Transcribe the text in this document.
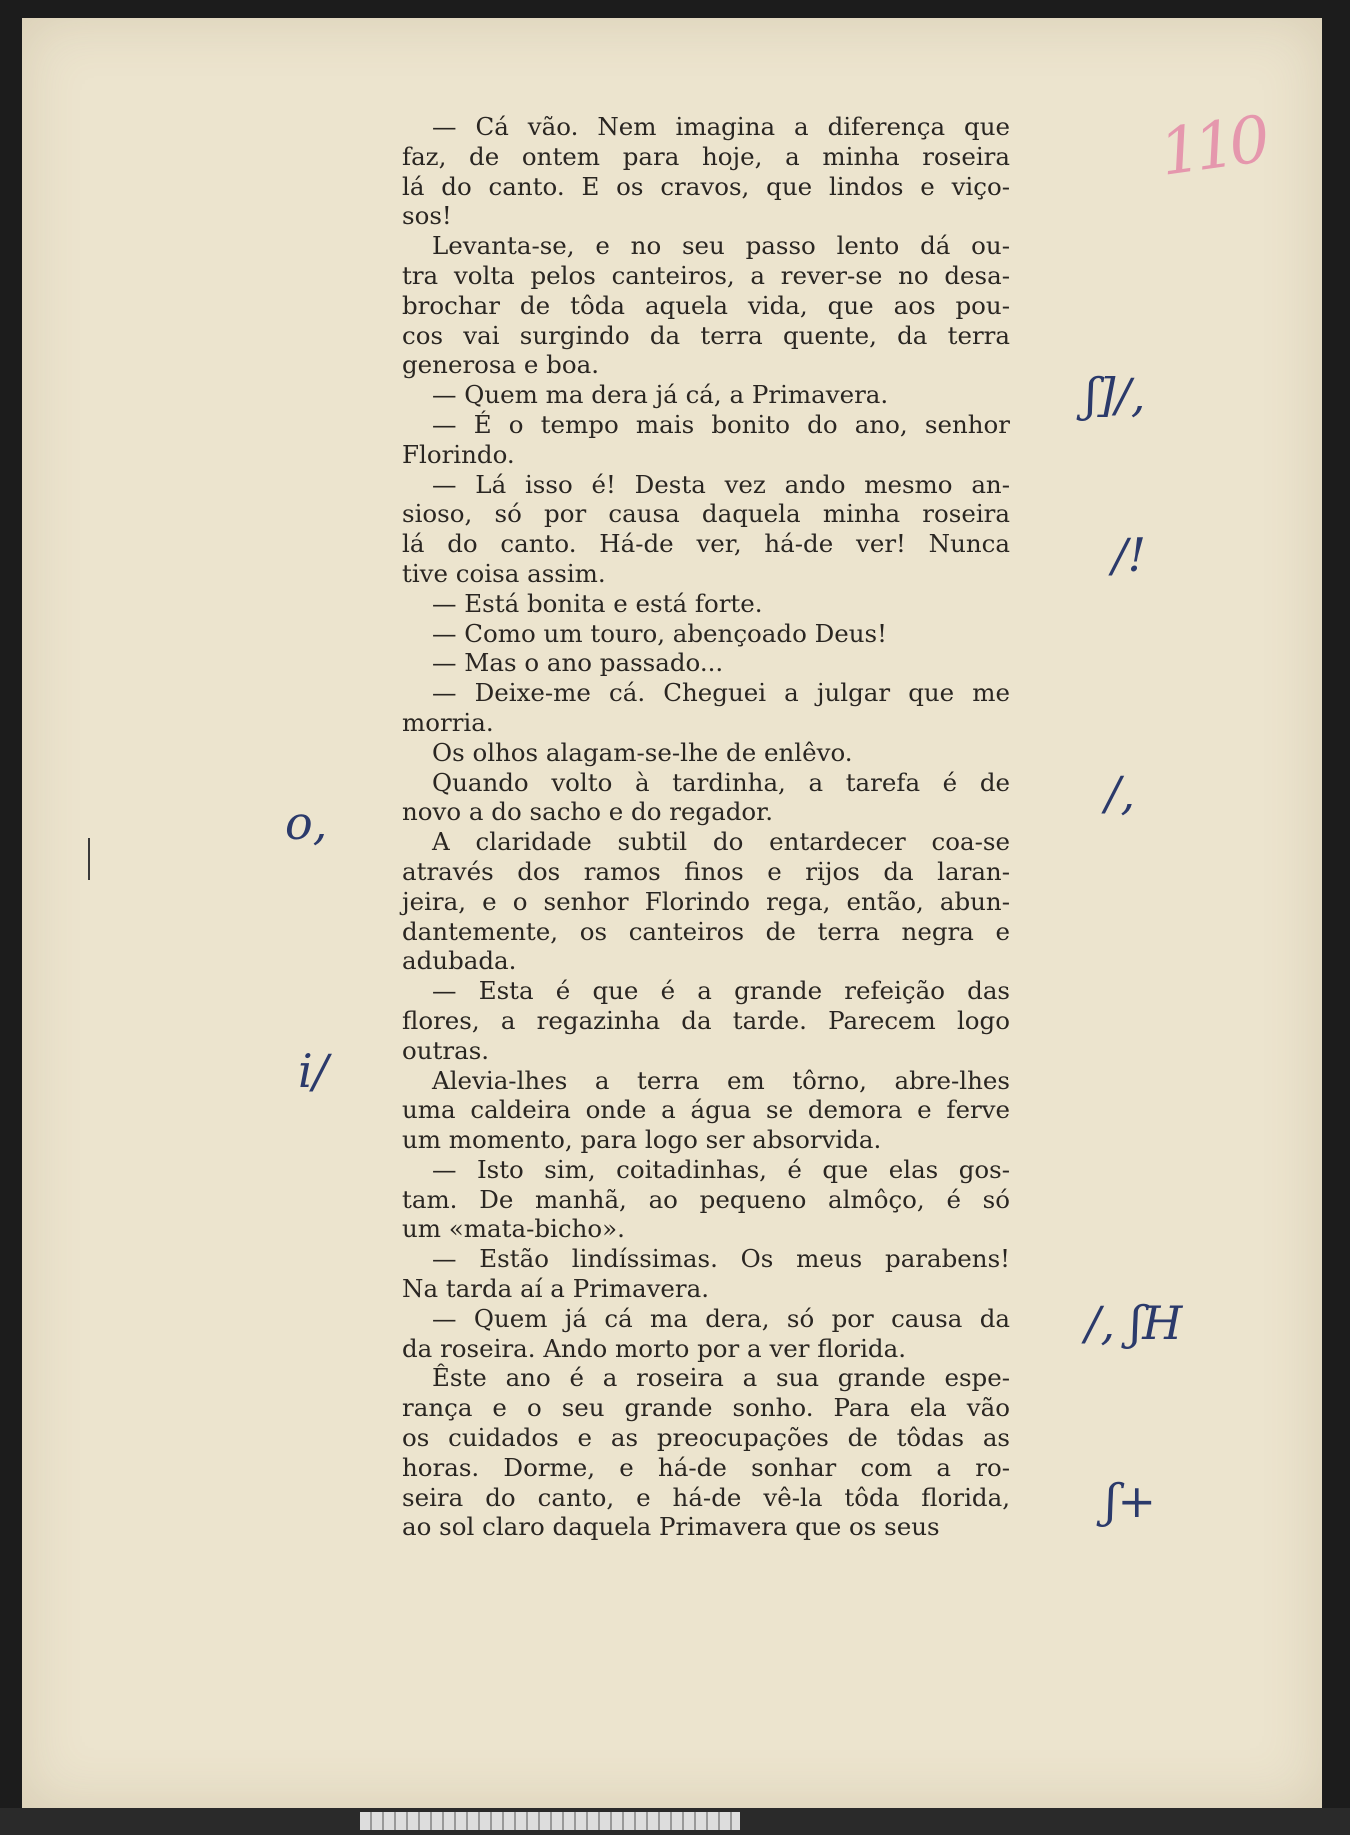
110
— Cá vão. Nem imagina a diferença que
faz, de ontem para hoje, a minha roseira
lá do canto. E os cravos, que lindos e viço-
sos!
Levanta-se, e no seu passo lento dá ou-
tra volta pelos canteiros, a rever-se no desa-
brochar de tôda aquela vida, que aos pou-
cos vai surgindo da terra quente, da terra
generosa e boa.
— Quem ma dera já cá, a Primavera.
— É o tempo mais bonito do ano, senhor
Florindo.
— Lá isso é! Desta vez ando mesmo an-
sioso, só por causa daquela minha roseira
lá do canto. Há-de ver, há-de ver! Nunca
tive coisa assim.
— Está bonita e está forte.
— Como um touro, abençoado Deus!
— Mas o ano passado...
— Deixe-me cá. Cheguei a julgar que me
morria.
Os olhos alagam-se-lhe de enlêvo.
Quando volto à tardinha, a tarefa é de
novo a do sacho e do regador.
A claridade subtil do entardecer coa-se
através dos ramos finos e rijos da laran-
jeira, e o senhor Florindo rega, então, abun-
dantemente, os canteiros de terra negra e
adubada.
— Esta é que é a grande refeição das
flores, a regazinha da tarde. Parecem logo
outras.
Alevia-lhes a terra em tôrno, abre-lhes
uma caldeira onde a água se demora e ferve
um momento, para logo ser absorvida.
— Isto sim, coitadinhas, é que elas gos-
tam. De manhã, ao pequeno almôço, é só
um «mata-bicho».
— Estão lindíssimas. Os meus parabens!
Na tarda aí a Primavera.
— Quem já cá ma dera, só por causa da
da roseira. Ando morto por a ver florida.
Êste ano é a roseira a sua grande espe-
rança e o seu grande sonho. Para ela vão
os cuidados e as preocupações de tôdas as
horas. Dorme, e há-de sonhar com a ro-
seira do canto, e há-de vê-la tôda florida,
ao sol claro daquela Primavera que os seus
ʃ]/,
/!
/,
o,
i/
/, ʃH
ʃ+
